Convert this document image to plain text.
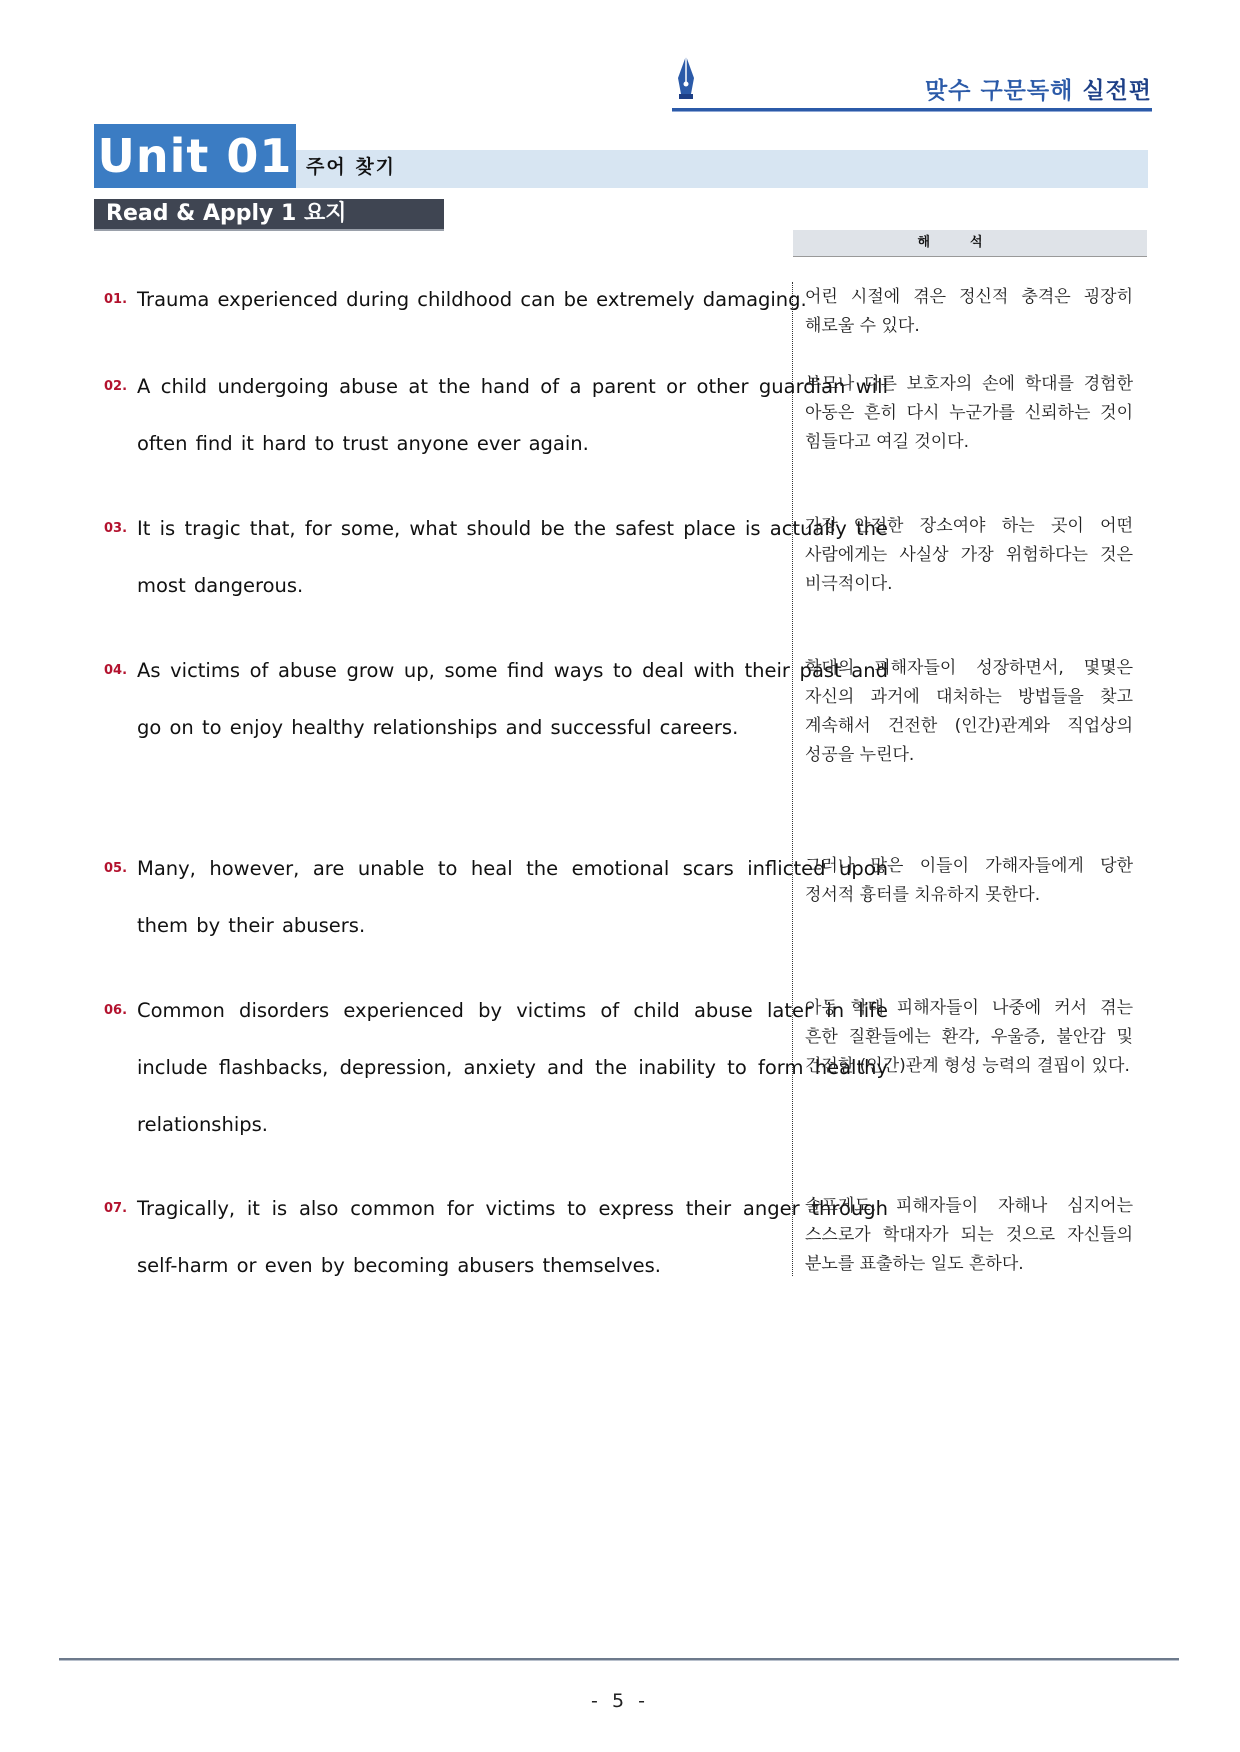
맞수 구문독해 실전편
Unit 01 주어 찾기
Read & Apply 1 요지
해석
01. Trauma experienced during childhood can be extremely damaging.
어린 시절에 겪은 정신적 충격은 굉장히 해로울 수 있다.
02. A child undergoing abuse at the hand of a parent or other guardian will often find it hard to trust anyone ever again.
부모나 다른 보호자의 손에 학대를 경험한 아동은 흔히 다시 누군가를 신뢰하는 것이 힘들다고 여길 것이다.
03. It is tragic that, for some, what should be the safest place is actually the most dangerous.
가장 안전한 장소여야 하는 곳이 어떤 사람에게는 사실상 가장 위험하다는 것은 비극적이다.
04. As victims of abuse grow up, some find ways to deal with their past and go on to enjoy healthy relationships and successful careers.
학대의 피해자들이 성장하면서, 몇몇은 자신의 과거에 대처하는 방법들을 찾고 계속해서 건전한 (인간)관계와 직업상의 성공을 누린다.
05. Many, however, are unable to heal the emotional scars inflicted upon them by their abusers.
그러나 많은 이들이 가해자들에게 당한 정서적 흉터를 치유하지 못한다.
06. Common disorders experienced by victims of child abuse later in life include flashbacks, depression, anxiety and the inability to form healthy relationships.
아동 학대 피해자들이 나중에 커서 겪는 흔한 질환들에는 환각, 우울증, 불안감 및 건전한 (인간)관계 형성 능력의 결핍이 있다.
07. Tragically, it is also common for victims to express their anger through self-harm or even by becoming abusers themselves.
슬프게도, 피해자들이 자해나 심지어는 스스로가 학대자가 되는 것으로 자신들의 분노를 표출하는 일도 흔하다.
- 5 -
